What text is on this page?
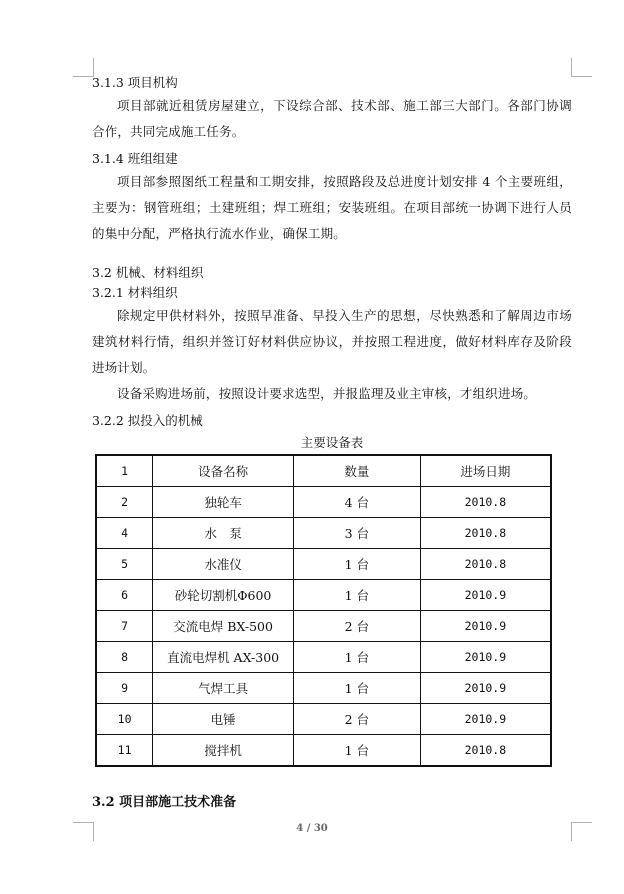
3.1.3 项目机构

项目部就近租赁房屋建立，下设综合部、技术部、施工部三大部门。各部门协调合作，共同完成施工任务。

3.1.4 班组组建

项目部参照图纸工程量和工期安排，按照路段及总进度计划安排 4 个主要班组，主要为：钢管班组；土建班组；焊工班组；安装班组。在项目部统一协调下进行人员的集中分配，严格执行流水作业，确保工期。

3.2 机械、材料组织

3.2.1 材料组织

除规定甲供材料外，按照早准备、早投入生产的思想，尽快熟悉和了解周边市场建筑材料行情，组织并签订好材料供应协议，并按照工程进度，做好材料库存及阶段进场计划。

设备采购进场前，按照设计要求选型，并报监理及业主审核，才组织进场。

3.2.2 拟投入的机械

主要设备表
1	设备名称	数量	进场日期
2	独轮车	4 台	2010.8
4	水　泵	3 台	2010.8
5	水准仪	1 台	2010.8
6	砂轮切割机Φ600	1 台	2010.9
7	交流电焊 BX-500	2 台	2010.9
8	直流电焊机 AX-300	1 台	2010.9
9	气焊工具	1 台	2010.9
10	电锤	2 台	2010.9
11	搅拌机	1 台	2010.8

3.2 项目部施工技术准备

4 / 30
